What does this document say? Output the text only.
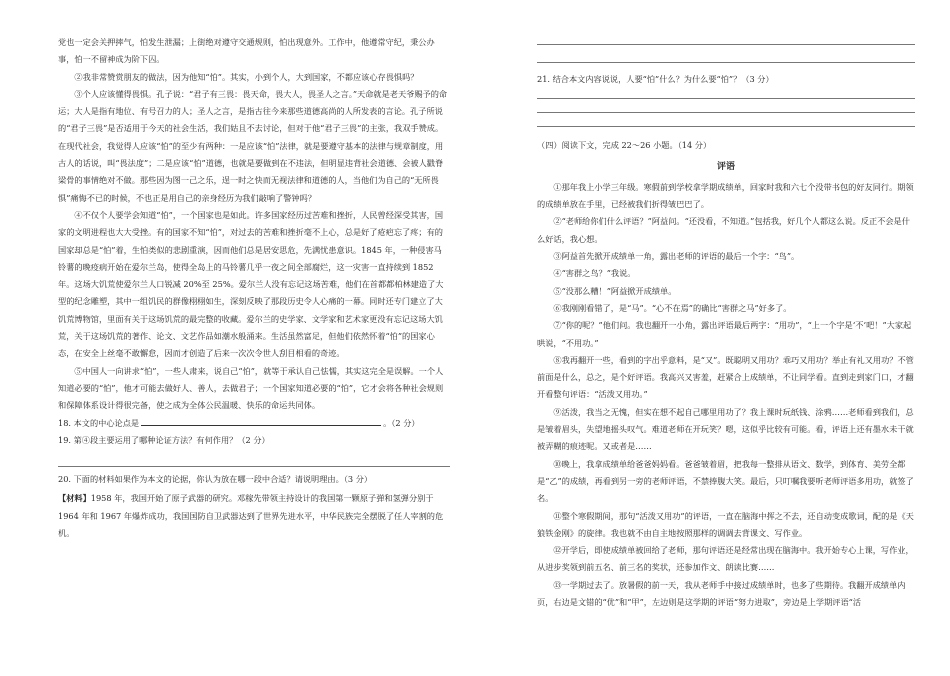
党也一定会关押摔气，怕发生泄漏；上街绝对遵守交通规则，怕出现意外。工作中，他遵常守纪，秉公办事，怕一不留神成为阶下囚。

②我非常赞赏朋友的做法，因为他知“怕”。其实，小到个人，大到国家，不都应该心存畏惧吗？

③个人应该懂得畏惧。孔子说：“君子有三畏：畏天命，畏大人，畏圣人之言。”天命就是老天爷赐予的命运；大人是指有地位、有号召力的人；圣人之言，是指古往今来那些道德高尚的人所发表的言论。孔子所说的“君子三畏”是否适用于今天的社会生活，我们姑且不去讨论，但对于他“君子三畏”的主张，我双手赞成。在现代社会，我觉得人应该“怕”的至少有两种：一是应该“怕”法律，就是要遵守基本的法律与规章制度，用古人的话说，叫“畏法度”；二是应该“怕”道德，也就是要做到在不违法，但明显违背社会道德、会被人戳脊梁骨的事情绝对不做。那些因为图一己之乐，逞一时之快而无视法律和道德的人，当他们为自己的“无所畏惧”痛悔不已的时候，不也正是用自己的亲身经历为我们敲响了警钟吗？

④不仅个人要学会知道“怕”，一个国家也是如此。许多国家经历过苦难和挫折，人民曾经深受其害，国家的文明进程也大大受挫。有的国家不知“怕”，对过去的苦难和挫折毫不上心，总是好了疮疤忘了疼；有的国家却总是“怕”着，生怕类似的悲剧重演，因而他们总是居安思危，先满忧患意识。1845 年，一种侵害马铃薯的晚疫病开始在爱尔兰岛，使得全岛上的马铃薯几乎一夜之间全部腐烂，这一灾害一直持续到 1852 年。这场大饥荒使爱尔兰人口锐减 20%至 25%。爱尔兰人没有忘记这场苦难，他们在首都都柏林建造了大型的纪念雕塑，其中一组饥民的群像栩栩如生，深刻反映了那段历史令人心痛的一幕。同时还专门建立了大饥荒博物馆，里面有关于这场饥荒的最完整的收藏。爱尔兰的史学家、文学家和艺术家更没有忘记这场大饥荒，关于这场饥荒的著作、论文、文艺作品如潮水般涌来。生活虽然富足，但他们依然怀着“怕”的国家心态，在安全上丝毫不敢懈怠，因而才创造了后来一次次令世人刮目相看的奇迹。

⑤中国人一向讲求“怕”，一些人肃来，说自己“怕”，就等于承认自己怯懦，其实这完全是误解。一个人知道必要的“怕”，他才可能去做好人、善人，去做君子；一个国家知道必要的“怕”，它才会将各种社会规则和保障体系设计得很完备，使之成为全体公民温暖、快乐的命运共同体。

18. 本文的中心论点是	。（2 分）

19. 第④段主要运用了哪种论证方法？有何作用？（2 分）

20. 下面的材料如果作为本文的论据，你认为放在哪一段中合适？请说明理由。（3 分）

【材料】1958 年，我国开始了原子武器的研究。邓稼先带领主持设计的我国第一颗原子弹和氢弹分别于 1964 年和 1967 年爆炸成功，我国国防自卫武器达到了世界先进水平，中华民族完全摆脱了任人宰割的危机。

21. 结合本文内容说说，人要“怕”什么？为什么要“怕”？（3 分）

（四）阅读下文，完成 22～26 小题。（14 分）

评语

①那年我上小学三年级。寒假前到学校拿学期成绩单，回家时我和六七个没带书包的好友同行。期领的成绩单放在手里，已经被我们折得皱巴巴了。

②“老师给你们什么评语？”阿益问。“还没看，不知道。”包括我，好几个人都这么说。反正不会是什么好话，我心想。

③阿益首先掀开成绩单一角，露出老师的评语的最后一个字：“鸟”。

④“害群之鸟？”我说。

⑤“没那么糟！”阿益掀开成绩单。

⑥我刚刚看错了，是“马”。“心不在焉”的确比“害群之马”好多了。

⑦“你的呢？”他们问。我也翻开一小角，露出评语最后两字：“用功”，“上一个字是‘不’吧！”大家起哄说，“不用功。”

⑧我再翻开一些，看到的字出乎意料，是“又”。既聪明又用功？乖巧又用功？举止有礼又用功？不管前面是什么，总之，是个好评语。我高兴又害羞，赶紧合上成绩单，不让同学看。直到走到家门口，才翻开看整句评语：“活泼又用功。”

⑨活泼，我当之无愧，但实在想不起自己哪里用功了？我上课时玩纸钱、涂鸦……老师看到我们，总是皱着眉头，失望地摇头叹气。难道老师在开玩笑？嗯，这似乎比较有可能。看，评语上还有墨水未干就被弄糊的痕迹呢。又或者是……

⑩晚上，我拿成绩单给爸爸妈妈看。爸爸皱着眉，把我每一整排从语文、数学，到体育、美劳全都是“乙”的成绩，再看到另一旁的老师评语，不禁捧腹大笑。最后，只叮嘱我要听老师评语多用功，就签了名。

⑪整个寒假期间，那句“活泼又用功”的评语，一直在脑海中挥之不去，还自动变成歌词，配的是《天狼铁金刚》的旋律。我也就不由自主地按照那样的调调去背课文、写作业。

⑫开学后，即使成绩单被回给了老师，那句评语还是经常出现在脑海中。我开始专心上课，写作业，从进步奖领到前五名、前三名的奖状，还参加作文、朗读比赛……

⑬一学期过去了。放暑假的前一天，我从老师手中接过成绩单时，也多了些期待。我翻开成绩单内页，右边是文错的“优”和“甲”，左边则是这学期的评语“努力进取”，旁边是上学期评语“活
